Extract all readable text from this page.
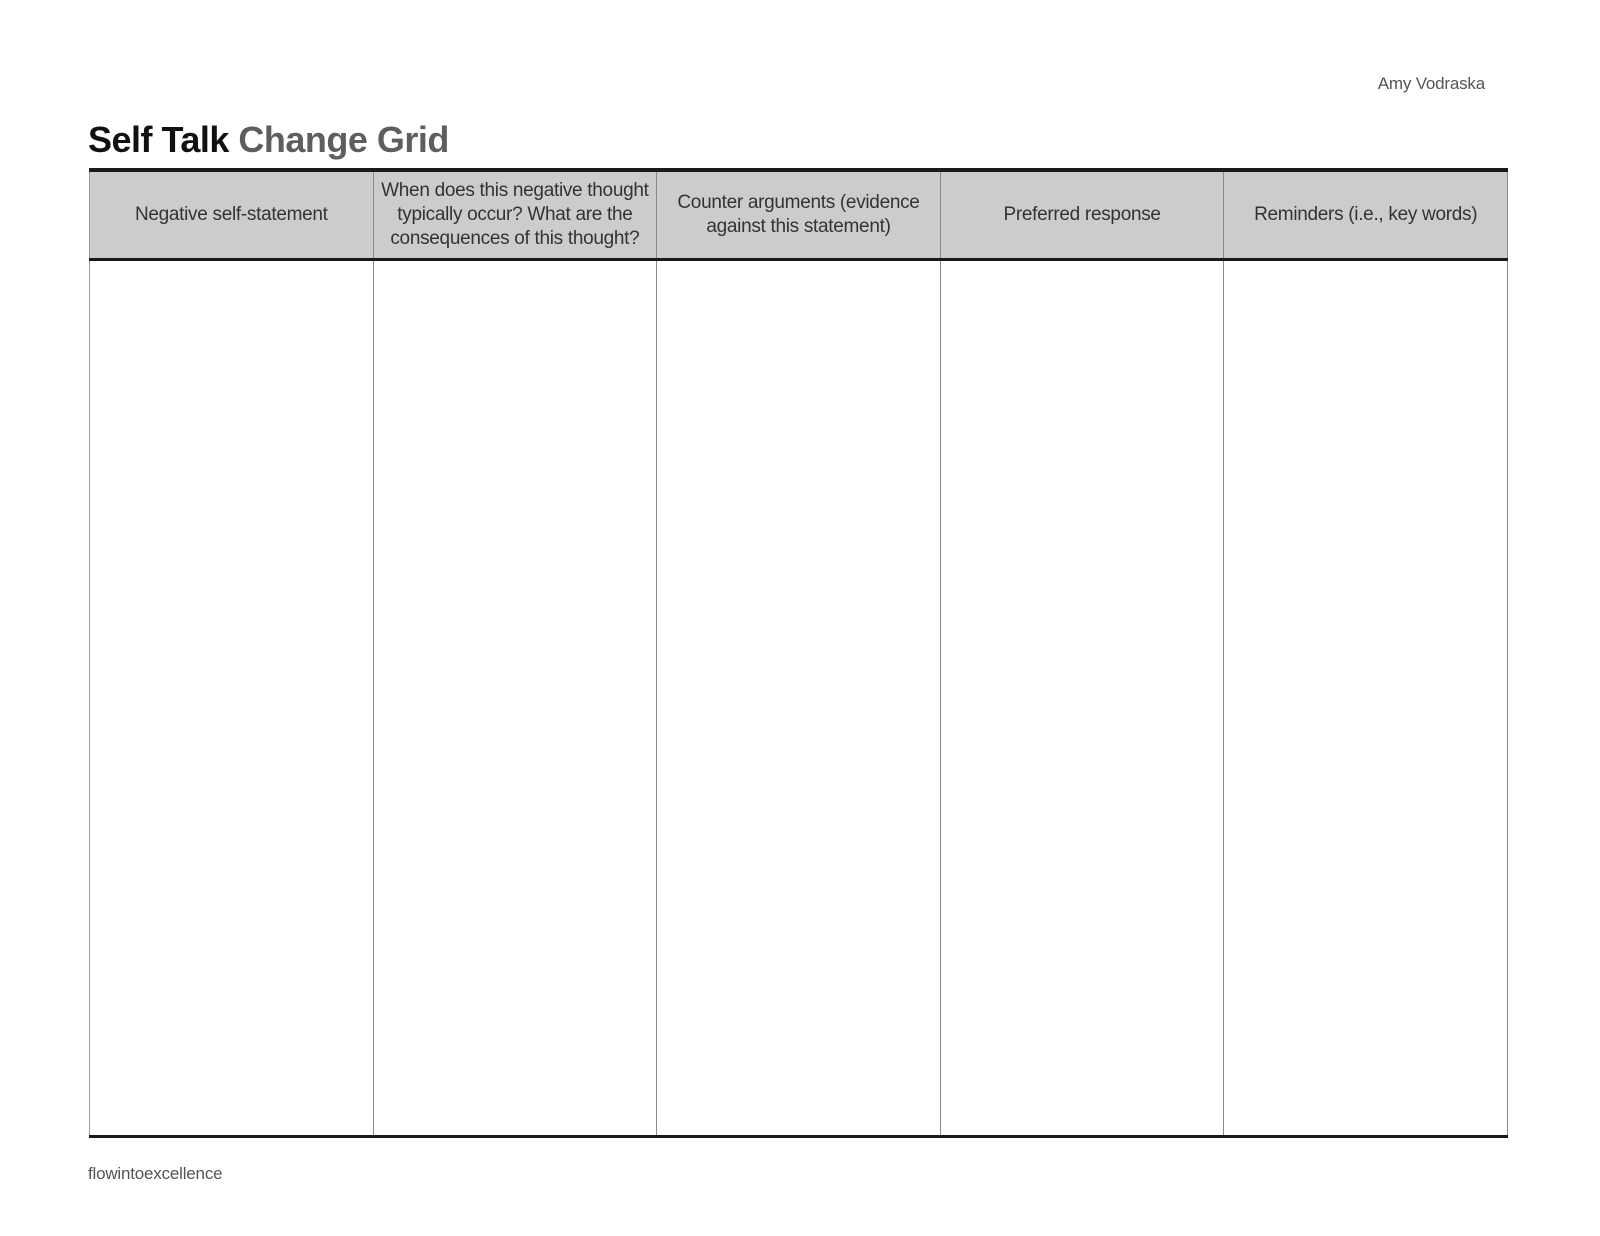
Amy Vodraska
Self Talk Change Grid
Negative self-statement	When does this negative thought typically occur? What are the consequences of this thought?	Counter arguments (evidence against this statement)	Preferred response	Reminders (i.e., key words)

flowintoexcellence
